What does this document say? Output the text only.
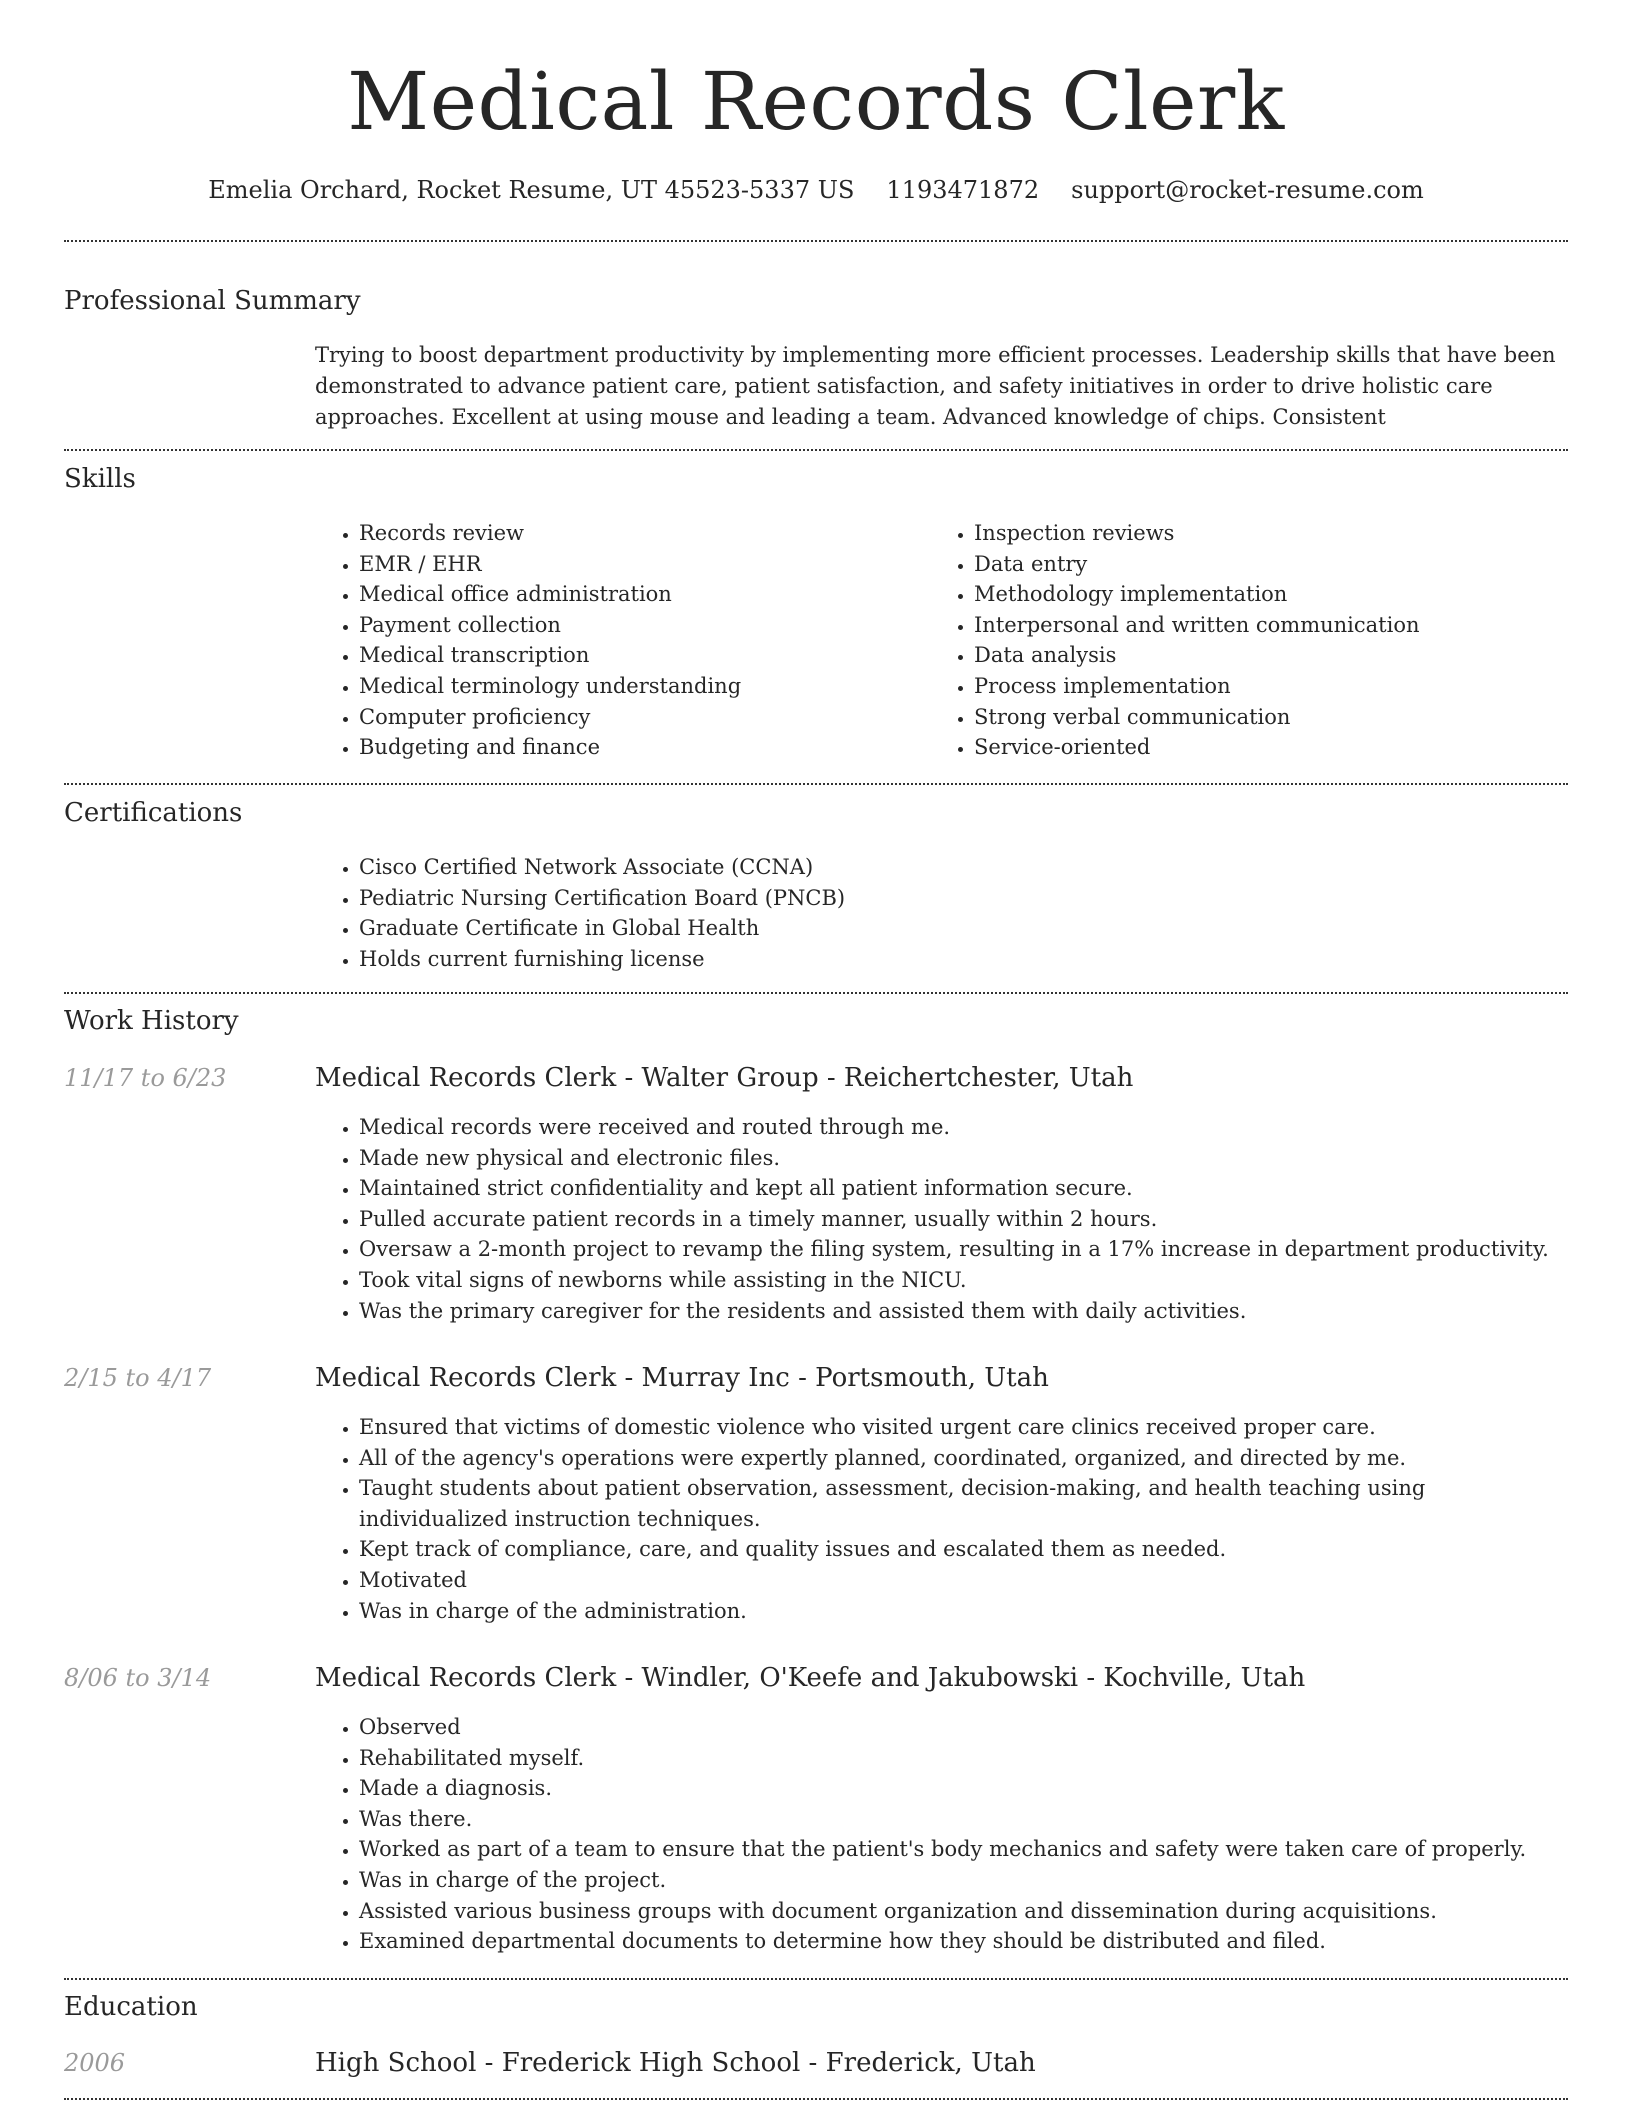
Medical Records Clerk
Emelia Orchard, Rocket Resume, UT 45523-5337 US 1193471872 support@rocket-resume.com
Professional Summary
Trying to boost department productivity by implementing more efficient processes. Leadership skills that have been demonstrated to advance patient care, patient satisfaction, and safety initiatives in order to drive holistic care approaches. Excellent at using mouse and leading a team. Advanced knowledge of chips. Consistent
Skills
• Records review
• EMR / EHR
• Medical office administration
• Payment collection
• Medical transcription
• Medical terminology understanding
• Computer proficiency
• Budgeting and finance
• Inspection reviews
• Data entry
• Methodology implementation
• Interpersonal and written communication
• Data analysis
• Process implementation
• Strong verbal communication
• Service-oriented
Certifications
• Cisco Certified Network Associate (CCNA)
• Pediatric Nursing Certification Board (PNCB)
• Graduate Certificate in Global Health
• Holds current furnishing license
Work History
11/17 to 6/23	Medical Records Clerk - Walter Group - Reichertchester, Utah
• Medical records were received and routed through me.
• Made new physical and electronic files.
• Maintained strict confidentiality and kept all patient information secure.
• Pulled accurate patient records in a timely manner, usually within 2 hours.
• Oversaw a 2-month project to revamp the filing system, resulting in a 17% increase in department productivity.
• Took vital signs of newborns while assisting in the NICU.
• Was the primary caregiver for the residents and assisted them with daily activities.
2/15 to 4/17	Medical Records Clerk - Murray Inc - Portsmouth, Utah
• Ensured that victims of domestic violence who visited urgent care clinics received proper care.
• All of the agency's operations were expertly planned, coordinated, organized, and directed by me.
• Taught students about patient observation, assessment, decision-making, and health teaching using individualized instruction techniques.
• Kept track of compliance, care, and quality issues and escalated them as needed.
• Motivated
• Was in charge of the administration.
8/06 to 3/14	Medical Records Clerk - Windler, O'Keefe and Jakubowski - Kochville, Utah
• Observed
• Rehabilitated myself.
• Made a diagnosis.
• Was there.
• Worked as part of a team to ensure that the patient's body mechanics and safety were taken care of properly.
• Was in charge of the project.
• Assisted various business groups with document organization and dissemination during acquisitions.
• Examined departmental documents to determine how they should be distributed and filed.
Education
2006	High School - Frederick High School - Frederick, Utah
